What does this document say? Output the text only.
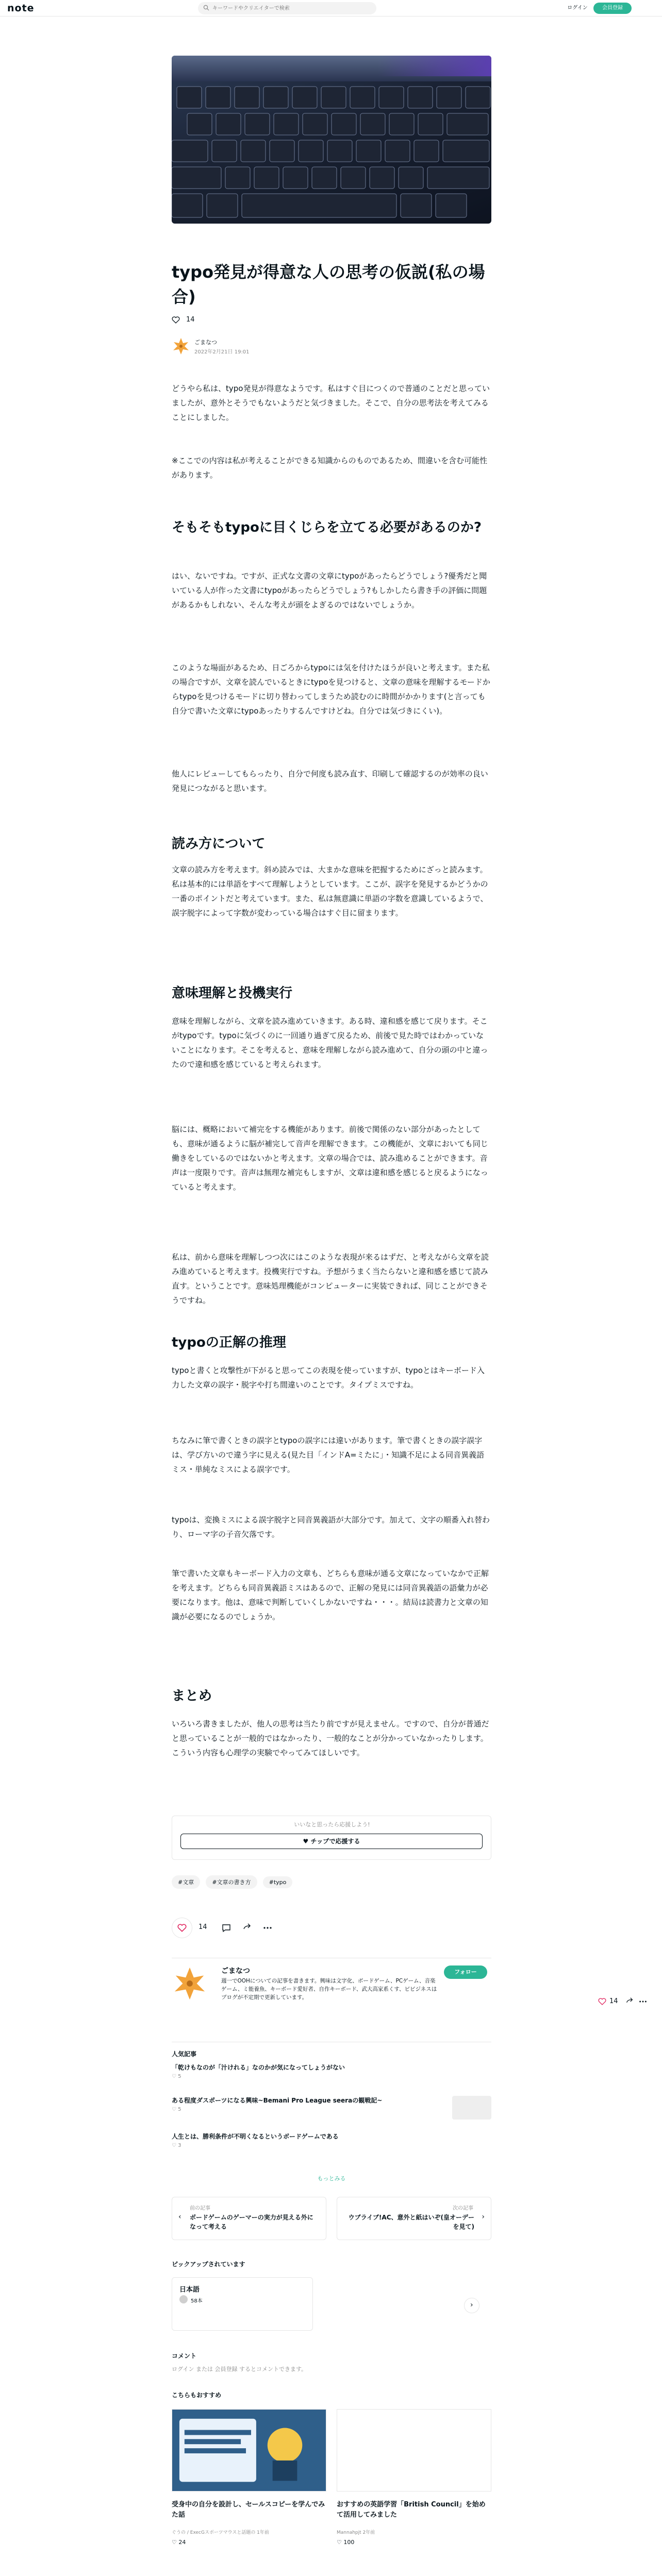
note
キーワードやクリエイターで検索	ログイン	会員登録
typo発見が得意な人の思考の仮説(私の場合)
14
ごまなつ
2022年2月21日 19:01
どうやら私は、typo発見が得意なようです。私はすぐ目につくので普通のことだと思っていましたが、意外とそうでもないようだと気づきました。そこで、自分の思考法を考えてみることにしました。
※ここでの内容は私が考えることができる知識からのものであるため、間違いを含む可能性があります。
そもそもtypoに目くじらを立てる必要があるのか?
はい、ないですね。ですが、正式な文書の文章にtypoがあったらどうでしょう?優秀だと聞いている人が作った文書にtypoがあったらどうでしょう?もしかしたら書き手の評価に問題があるかもしれない、そんな考えが頭をよぎるのではないでしょうか。
このような場面があるため、日ごろからtypoには気を付けたほうが良いと考えます。また私の場合ですが、文章を読んでいるときにtypoを見つけると、文章の意味を理解するモードからtypoを見つけるモードに切り替わってしまうため読むのに時間がかかります(と言っても自分で書いた文章にtypoあったりするんですけどね。自分では気づきにくい)。
他人にレビューしてもらったり、自分で何度も読み直す、印刷して確認するのが効率の良い発見につながると思います。
読み方について
文章の読み方を考えます。斜め読みでは、大まかな意味を把握するためにざっと読みます。私は基本的には単語をすべて理解しようとしています。ここが、誤字を発見するかどうかの一番のポイントだと考えています。また、私は無意識に単語の字数を意識しているようで、誤字脱字によって字数が変わっている場合はすぐ目に留まります。
意味理解と投機実行
意味を理解しながら、文章を読み進めていきます。ある時、違和感を感じて戻ります。そこがtypoです。typoに気づくのに一回通り過ぎて戻るため、前後で見た時ではわかっていないことになります。そこを考えると、意味を理解しながら読み進めて、自分の頭の中と違ったので違和感を感じていると考えられます。
脳には、概略において補完をする機能があります。前後で関係のない部分があったとしても、意味が通るように脳が補完して音声を理解できます。この機能が、文章においても同じ働きをしているのではないかと考えます。文章の場合では、読み進めることができます。音声は一度限りです。音声は無理な補完もしますが、文章は違和感を感じると戻るようになっていると考えます。
私は、前から意味を理解しつつ次にはこのような表現が来るはずだ、と考えながら文章を読み進めていると考えます。投機実行ですね。予想がうまく当たらないと違和感を感じて読み直す。ということです。意味処理機能がコンピューターに実装できれば、同じことができそうですね。
typoの正解の推理
typoと書くと攻撃性が下がると思ってこの表現を使っていますが、typoとはキーボード入力した文章の誤字・脱字や打ち間違いのことです。タイプミスですね。
ちなみに筆で書くときの誤字とtypoの誤字には違いがあります。筆で書くときの誤字誤字は、学び方いので違う字に見える(見た目「インドA=ミたに」・知識不足による同音異義語ミス・単純なミスによる誤字です。
typoは、変換ミスによる誤字脱字と同音異義語が大部分です。加えて、文字の順番入れ替わり、ローマ字の子音欠落です。
筆で書いた文章もキーボード入力の文章も、どちらも意味が通る文章になっていなかで正解を考えます。どちらも同音異義語ミスはあるので、正解の発見には同音異義語の語彙力が必要になります。他は、意味で判断していくしかないですね・・・。結局は読書力と文章の知識が必要になるのでしょうか。
まとめ
いろいろ書きましたが、他人の思考は当たり前ですが見えません。ですので、自分が普通だと思っていることが一般的ではなかったり、一般的なことが分かっていなかったりします。こういう内容も心理学の実験でやってみてほしいです。
いいなと思ったら応援しよう!
♥ チップで応援する
#文章	#文章の書き方	#typo
14
14
ごまなつ
週一でOOHについての記事を書きます。興味は文字化、ボードゲーム、PCゲーム、音楽ゲーム、ミ能養魚、キーボード愛好者、自作キーボード、武大高家系くす、ビビジネスはブログが不定期で更新しています。
フォロー
人気記事
「乾けもなのが「汁けれる」なのかが気になってしょうがない
♡ 5
ある程度ダスポーツになる興味~Bemani Pro League seeraの観戦記~
♡ 5
人生とは、勝利条件が不明くなるというボードゲームである
♡ 3
もっとみる
前の記事
ボードゲームのゲーマーの実力が見える外になって考える
‹
次の記事
ウブライブ!AC、意外と紙はいぞ(皇オーデーを見て)
›
ピックアップされています
日本語
58本	›
コメント
ログイン または 会員登録 するとコメントできます。
こちらもおすすめ
受身中の自分を設計し、セールスコピーを学んでみた話
ぐうの / ExecGスポーツマウスと話題の 1年前
♡ 24
おすすめの英語学習「British Council」を始めて活用してみました
Mannahpjt 2年前
♡ 100
